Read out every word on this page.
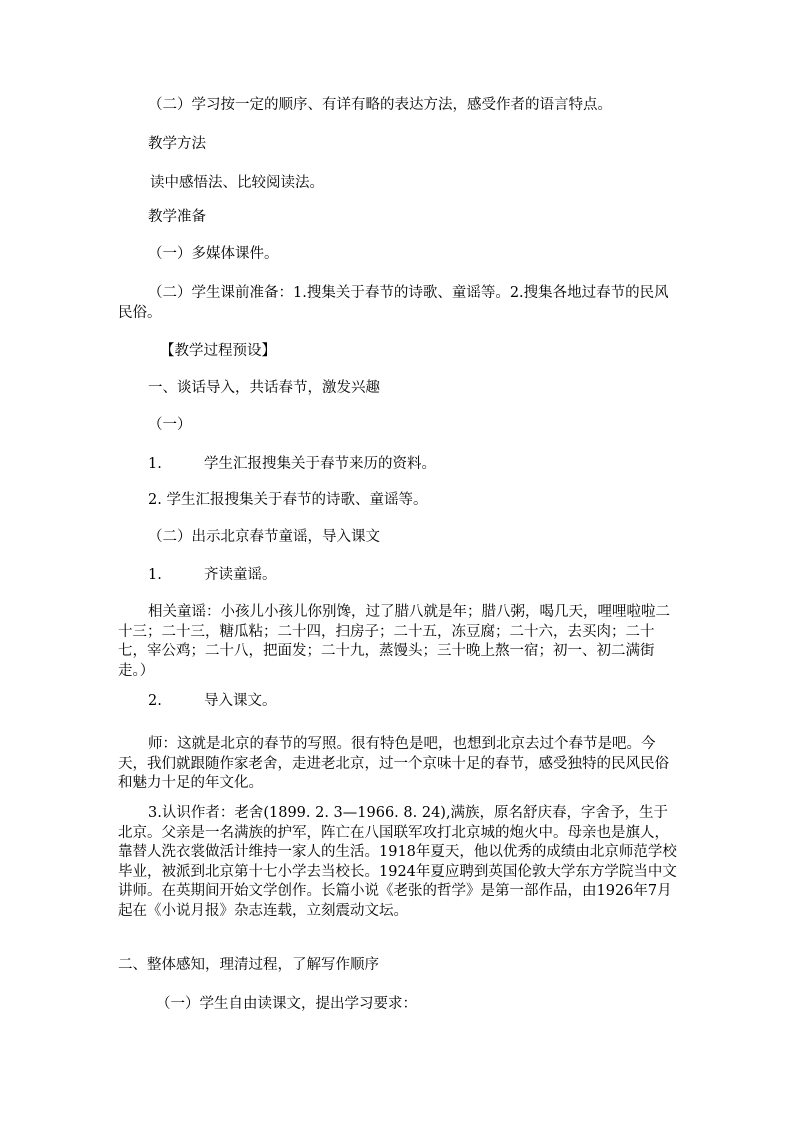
（二）学习按一定的顺序、有详有略的表达方法，感受作者的语言特点。

教学方法

读中感悟法、比较阅读法。

教学准备

（一）多媒体课件。

（二）学生课前准备：1.搜集关于春节的诗歌、童谣等。2.搜集各地过春节的民风民俗。

【教学过程预设】

一、谈话导入，共话春节，激发兴趣

（一）

1.	学生汇报搜集关于春节来历的资料。

2. 学生汇报搜集关于春节的诗歌、童谣等。

（二）出示北京春节童谣，导入课文

1.	齐读童谣。

相关童谣：小孩儿小孩儿你别馋，过了腊八就是年；腊八粥，喝几天，哩哩啦啦二十三；二十三，糖瓜粘；二十四，扫房子；二十五，冻豆腐；二十六，去买肉；二十七，宰公鸡；二十八，把面发；二十九，蒸馒头；三十晚上熬一宿；初一、初二满街走。）

2.	导入课文。

师：这就是北京的春节的写照。很有特色是吧，也想到北京去过个春节是吧。今天，我们就跟随作家老舍，走进老北京，过一个京味十足的春节，感受独特的民风民俗和魅力十足的年文化。

3.认识作者：老舍(1899. 2. 3—1966. 8. 24),满族，原名舒庆春，字舍予，生于北京。父亲是一名满族的护军，阵亡在八国联军攻打北京城的炮火中。母亲也是旗人，靠替人洗衣裳做活计维持一家人的生活。1918年夏天，他以优秀的成绩由北京师范学校毕业，被派到北京第十七小学去当校长。1924年夏应聘到英国伦敦大学东方学院当中文讲师。在英期间开始文学创作。长篇小说《老张的哲学》是第一部作品，由1926年7月起在《小说月报》杂志连载，立刻震动文坛。

二、整体感知，理清过程，了解写作顺序

（一）学生自由读课文，提出学习要求：
